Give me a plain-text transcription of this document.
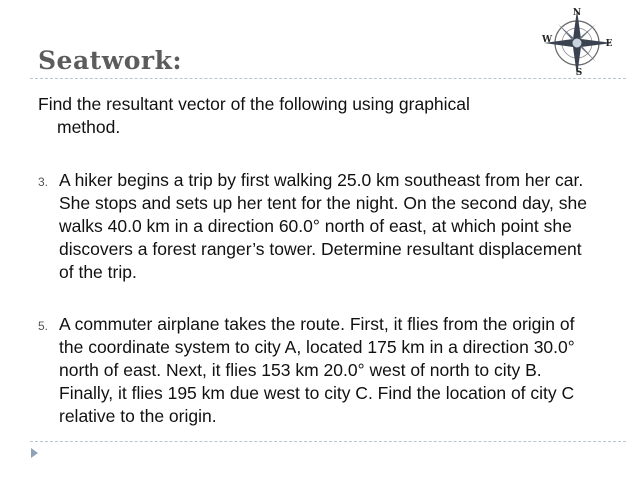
N
S
W	E
Seatwork:
Find the resultant vector of the following using graphical
method.
3. A hiker begins a trip by first walking 25.0 km southeast from her car. She stops and sets up her tent for the night. On the second day, she walks 40.0 km in a direction 60.0° north of east, at which point she discovers a forest ranger’s tower. Determine resultant displacement of the trip.
5. A commuter airplane takes the route. First, it flies from the origin of the coordinate system to city A, located 175 km in a direction 30.0° north of east. Next, it flies 153 km 20.0° west of north to city B. Finally, it flies 195 km due west to city C. Find the location of city C relative to the origin.
